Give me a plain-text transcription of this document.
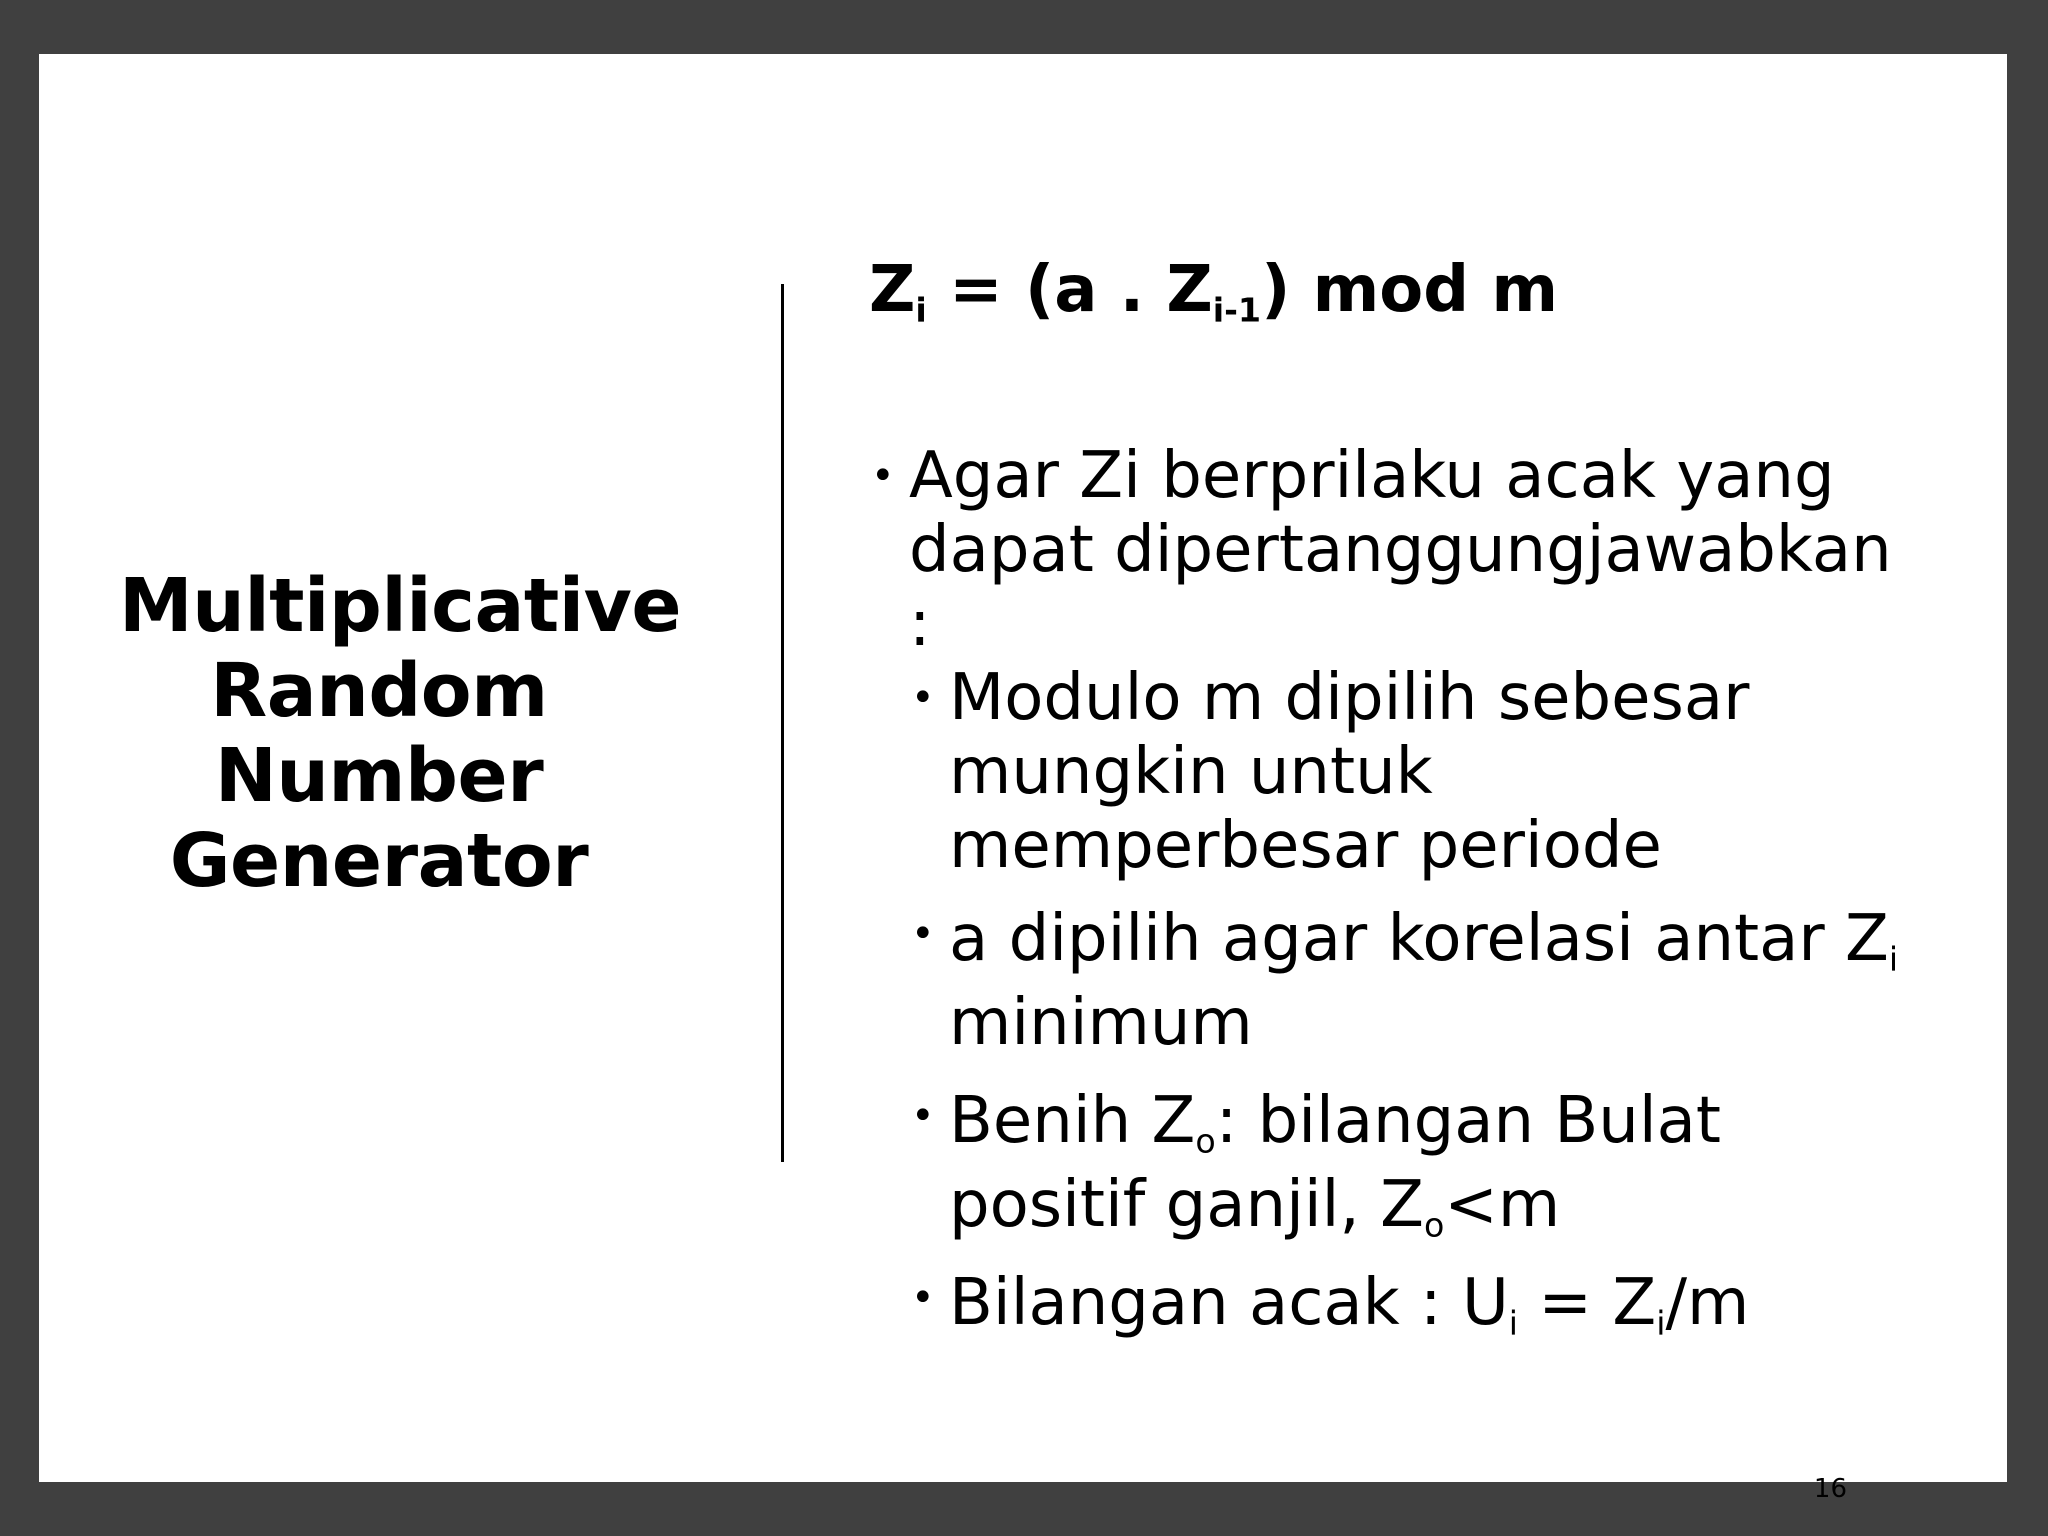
Multiplicative
Random
Number
Generator
$Z_i = (a$ . $Z_{i-1}$) mod m
• Agar Zi berprilaku acak yang dapat dipertanggungjawabkan :
• Modulo m dipilih sebesar mungkin untuk memperbesar periode
• a dipilih agar korelasi antar $Z_i$ minimum
• Benih $Z_o$: bilangan Bulat positif ganjil, $Z_o<m$
• Bilangan acak : $U_i = Z_i/m$
16
